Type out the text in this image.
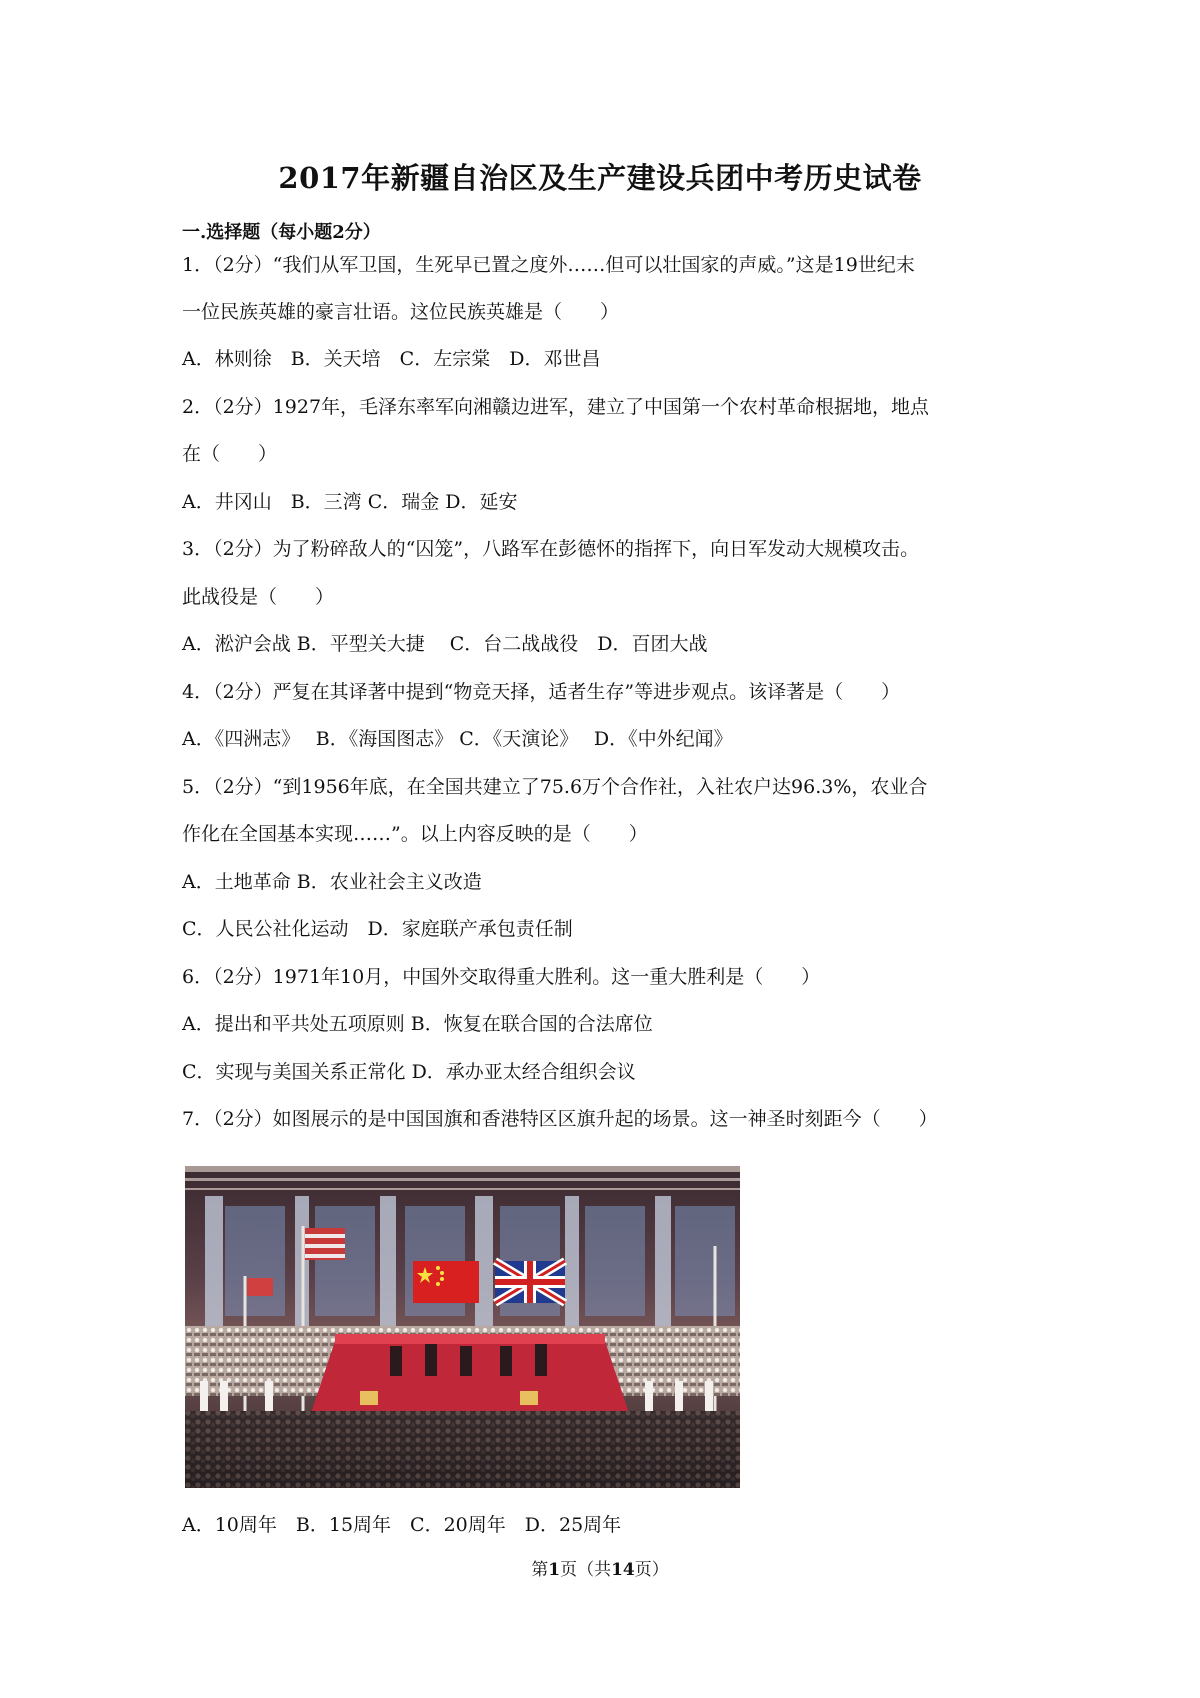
2017年新疆自治区及生产建设兵团中考历史试卷
一.选择题（每小题2分）
1．（2分）“我们从军卫国，生死早已置之度外……但可以壮国家的声威。”这是19世纪末
一位民族英雄的豪言壮语。这位民族英雄是（　　）
A．林则徐　B．关天培　C．左宗棠　D．邓世昌
2．（2分）1927年，毛泽东率军向湘赣边进军，建立了中国第一个农村革命根据地，地点
在（　　）
A．井冈山　B．三湾 C．瑞金 D．延安
3．（2分）为了粉碎敌人的“囚笼”，八路军在彭德怀的指挥下，向日军发动大规模攻击。
此战役是（　　）
A．淞沪会战 B．平型关大捷　 C．台二战战役　D．百团大战
4．（2分）严复在其译著中提到“物竞天择，适者生存”等进步观点。该译著是（　　）
A．《四洲志》　 B．《海国图志》 C．《天演论》　 D．《中外纪闻》
5．（2分）“到1956年底，在全国共建立了75.6万个合作社，入社农户达96.3%，农业合
作化在全国基本实现……”。以上内容反映的是（　　）
A．土地革命 B．农业社会主义改造
C．人民公社化运动　D．家庭联产承包责任制
6．（2分）1971年10月，中国外交取得重大胜利。这一重大胜利是（　　）
A．提出和平共处五项原则 B．恢复在联合国的合法席位
C．实现与美国关系正常化 D．承办亚太经合组织会议
7．（2分）如图展示的是中国国旗和香港特区区旗升起的场景。这一神圣时刻距今（　　）
A．10周年　B．15周年　C．20周年　D．25周年
第1页（共14页）
